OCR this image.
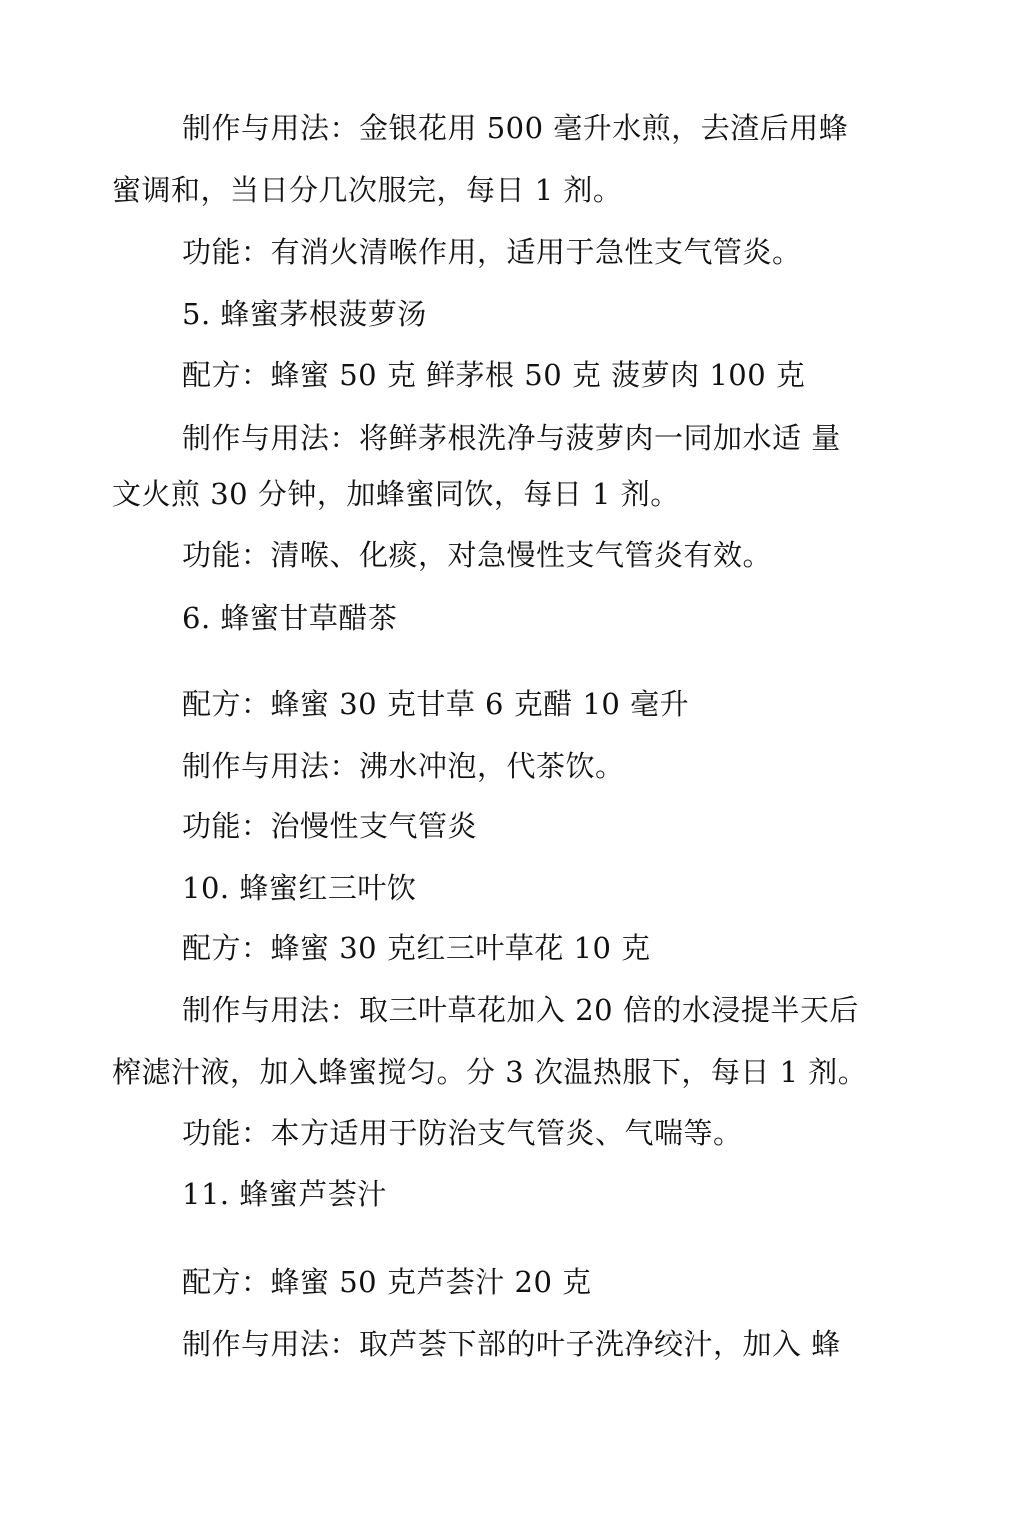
制作与用法：金银花用 500 毫升水煎，去渣后用蜂
蜜调和，当日分几次服完，每日 1 剂。
功能：有消火清喉作用，适用于急性支气管炎。
5. 蜂蜜茅根菠萝汤
配方：蜂蜜 50 克 鲜茅根 50 克 菠萝肉 100 克
制作与用法：将鲜茅根洗净与菠萝肉一同加水适 量
文火煎 30 分钟，加蜂蜜同饮，每日 1 剂。
功能：清喉、化痰，对急慢性支气管炎有效。
6. 蜂蜜甘草醋茶
配方：蜂蜜 30 克甘草 6 克醋 10 毫升
制作与用法：沸水冲泡，代茶饮。
功能：治慢性支气管炎
10. 蜂蜜红三叶饮
配方：蜂蜜 30 克红三叶草花 10 克
制作与用法：取三叶草花加入 20 倍的水浸提半天后
榨滤汁液，加入蜂蜜搅匀。分 3 次温热服下，每日 1 剂。
功能：本方适用于防治支气管炎、气喘等。
11. 蜂蜜芦荟汁
配方：蜂蜜 50 克芦荟汁 20 克
制作与用法：取芦荟下部的叶子洗净绞汁，加入 蜂
